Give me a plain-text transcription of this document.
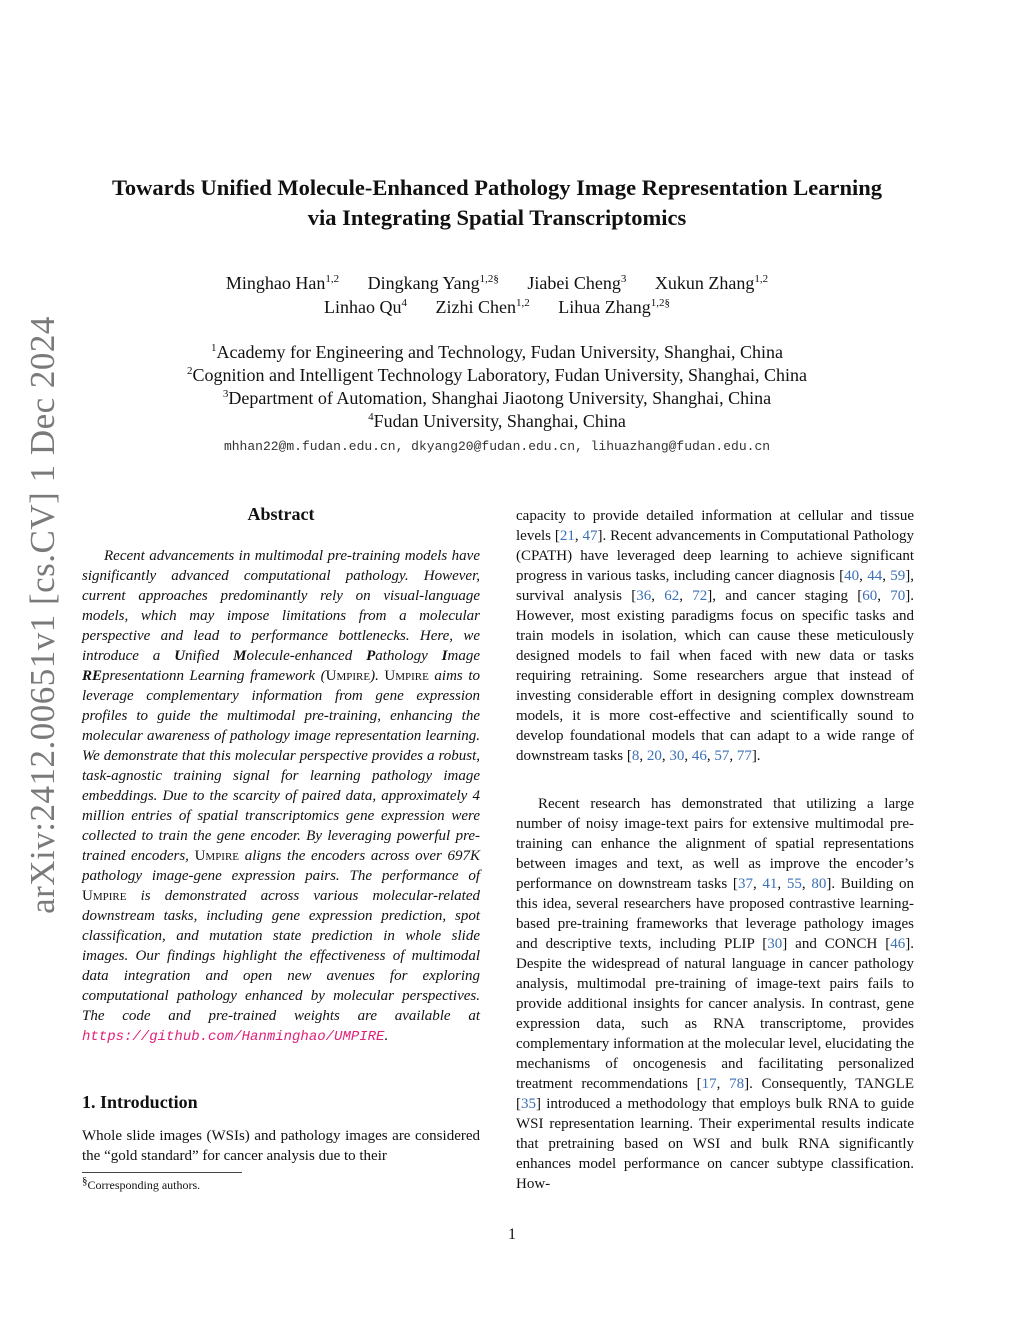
arXiv:2412.00651v1 [cs.CV] 1 Dec 2024
Towards Unified Molecule-Enhanced Pathology Image Representation Learning
via Integrating Spatial Transcriptomics
Minghao Han$^{1,2}$ Dingkang Yang$^{1,2\S}$ Jiabei Cheng$^3$ Xukun Zhang$^{1,2}$
Linhao Qu$^4$ Zizhi Chen$^{1,2}$ Lihua Zhang$^{1,2\S}$
$^1$Academy for Engineering and Technology, Fudan University, Shanghai, China
$^2$Cognition and Intelligent Technology Laboratory, Fudan University, Shanghai, China
$^3$Department of Automation, Shanghai Jiaotong University, Shanghai, China
$^4$Fudan University, Shanghai, China
mhhan22@m.fudan.edu.cn, dkyang20@fudan.edu.cn, lihuazhang@fudan.edu.cn
Abstract
Recent advancements in multimodal pre-training models have significantly advanced computational pathology. However, current approaches predominantly rely on visual-language models, which may impose limitations from a molecular perspective and lead to performance bottlenecks. Here, we introduce a Unified Molecule-enhanced Pathology Image REpresentationn Learning framework (Umpire). Umpire aims to leverage complementary information from gene expression profiles to guide the multimodal pre-training, enhancing the molecular awareness of pathology image representation learning. We demonstrate that this molecular perspective provides a robust, task-agnostic training signal for learning pathology image embeddings. Due to the scarcity of paired data, approximately 4 million entries of spatial transcriptomics gene expression were collected to train the gene encoder. By leveraging powerful pre-trained encoders, Umpire aligns the encoders across over 697K pathology image-gene expression pairs. The performance of Umpire is demonstrated across various molecular-related downstream tasks, including gene expression prediction, spot classification, and mutation state prediction in whole slide images. Our findings highlight the effectiveness of multimodal data integration and open new avenues for exploring computational pathology enhanced by molecular perspectives. The code and pre-trained weights are available at https://github.com/Hanminghao/UMPIRE.
1. Introduction
Whole slide images (WSIs) and pathology images are considered the “gold standard” for cancer analysis due to their
§Corresponding authors.
capacity to provide detailed information at cellular and tissue levels [21, 47]. Recent advancements in Computational Pathology (CPATH) have leveraged deep learning to achieve significant progress in various tasks, including cancer diagnosis [40, 44, 59], survival analysis [36, 62, 72], and cancer staging [60, 70]. However, most existing paradigms focus on specific tasks and train models in isolation, which can cause these meticulously designed models to fail when faced with new data or tasks requiring retraining. Some researchers argue that instead of investing considerable effort in designing complex downstream models, it is more cost-effective and scientifically sound to develop foundational models that can adapt to a wide range of downstream tasks [8, 20, 30, 46, 57, 77].
Recent research has demonstrated that utilizing a large number of noisy image-text pairs for extensive multimodal pre-training can enhance the alignment of spatial representations between images and text, as well as improve the encoder’s performance on downstream tasks [37, 41, 55, 80]. Building on this idea, several researchers have proposed contrastive learning-based pre-training frameworks that leverage pathology images and descriptive texts, including PLIP [30] and CONCH [46]. Despite the widespread of natural language in cancer pathology analysis, multimodal pre-training of image-text pairs fails to provide additional insights for cancer analysis. In contrast, gene expression data, such as RNA transcriptome, provides complementary information at the molecular level, elucidating the mechanisms of oncogenesis and facilitating personalized treatment recommendations [17, 78]. Consequently, TANGLE [35] introduced a methodology that employs bulk RNA to guide WSI representation learning. Their experimental results indicate that pretraining based on WSI and bulk RNA significantly enhances model performance on cancer subtype classification. How-
1
